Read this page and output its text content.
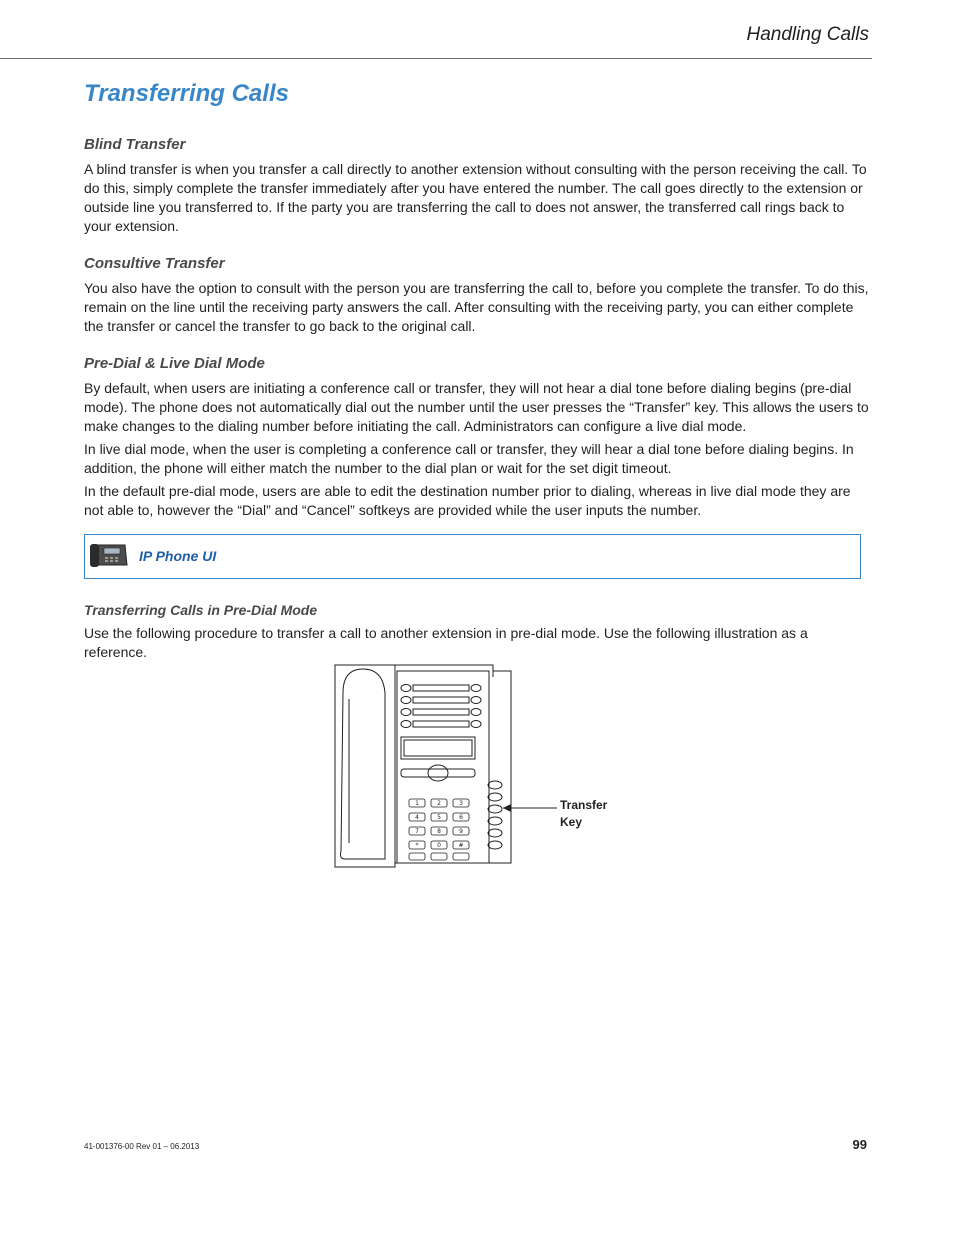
Handling Calls
Transferring Calls
Blind Transfer

A blind transfer is when you transfer a call directly to another extension without consulting with the person receiving the call. To do this, simply complete the transfer immediately after you have entered the number. The call goes directly to the extension or outside line you transferred to. If the party you are transferring the call to does not answer, the transferred call rings back to your extension.

Consultive Transfer

You also have the option to consult with the person you are transferring the call to, before you complete the transfer. To do this, remain on the line until the receiving party answers the call. After consulting with the receiving party, you can either complete the transfer or cancel the transfer to go back to the original call.

Pre-Dial & Live Dial Mode

By default, when users are initiating a conference call or transfer, they will not hear a dial tone before dialing begins (pre-dial mode). The phone does not automatically dial out the number until the user presses the “Transfer” key. This allows the users to make changes to the dialing number before initiating the call. Administrators can configure a live dial mode.

In live dial mode, when the user is completing a conference call or transfer, they will hear a dial tone before dialing begins. In addition, the phone will either match the number to the dial plan or wait for the set digit timeout.

In the default pre-dial mode, users are able to edit the destination number prior to dialing, whereas in live dial mode they are not able to, however the “Dial” and “Cancel” softkeys are provided while the user inputs the number.

IP Phone UI
Transferring Calls in Pre-Dial Mode

Use the following procedure to transfer a call to another extension in pre-dial mode. Use the following illustration as a reference.

1	2	3
4	5	6
7	8	9
*	0	#
Transfer
Key
41-001376-00 Rev 01 – 06.2013	99
